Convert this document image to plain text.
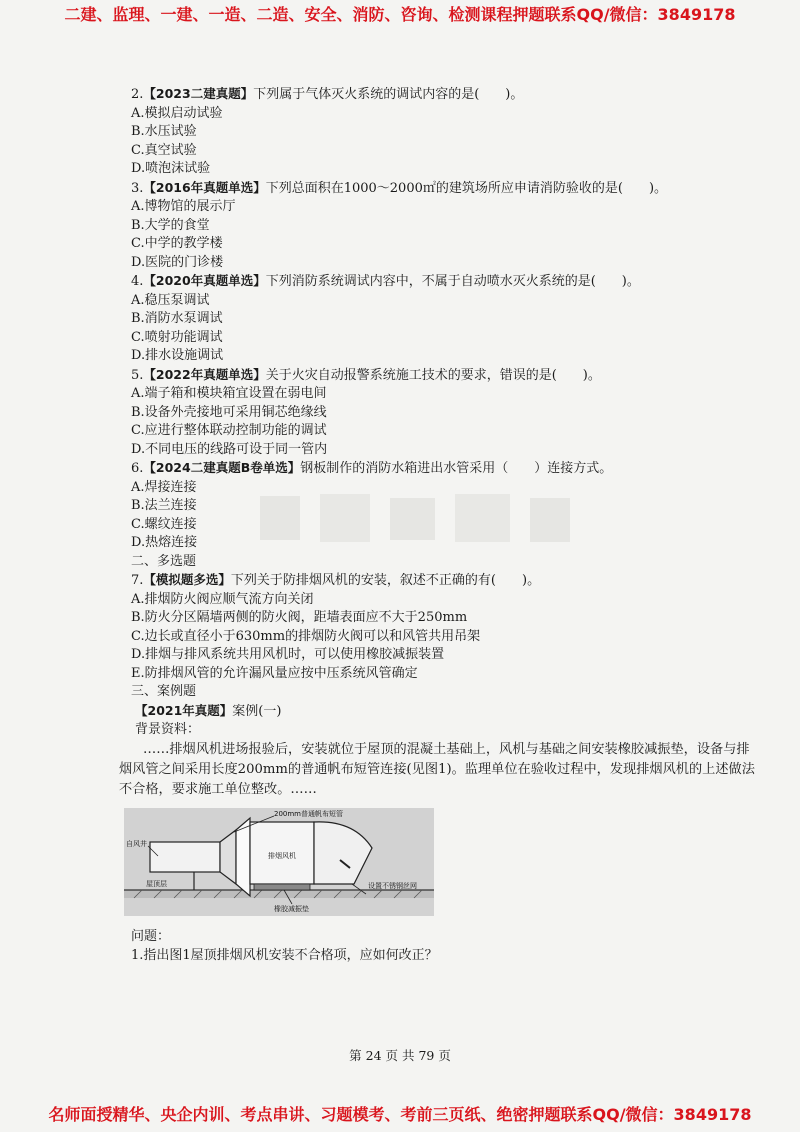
二建、监理、一建、一造、二造、安全、消防、咨询、检测课程押题联系QQ/微信：3849178
2.【2023二建真题】下列属于气体灭火系统的调试内容的是(　　)。
A.模拟启动试验
B.水压试验
C.真空试验
D.喷泡沫试验
3.【2016年真题单选】下列总面积在1000～2000㎡的建筑场所应申请消防验收的是(　　)。
A.博物馆的展示厅
B.大学的食堂
C.中学的教学楼
D.医院的门诊楼
4.【2020年真题单选】下列消防系统调试内容中，不属于自动喷水灭火系统的是(　　)。
A.稳压泵调试
B.消防水泵调试
C.喷射功能调试
D.排水设施调试
5.【2022年真题单选】关于火灾自动报警系统施工技术的要求，错误的是(　　)。
A.端子箱和模块箱宜设置在弱电间
B.设备外壳接地可采用铜芯绝缘线
C.应进行整体联动控制功能的调试
D.不同电压的线路可设于同一管内
6.【2024二建真题B卷单选】钢板制作的消防水箱进出水管采用（　　）连接方式。
A.焊接连接
B.法兰连接
C.螺纹连接
D.热熔连接
二、多选题
7.【模拟题多选】下列关于防排烟风机的安装，叙述不正确的有(　　)。
A.排烟防火阀应顺气流方向关闭
B.防火分区隔墙两侧的防火阀，距墙表面应不大于250mm
C.边长或直径小于630mm的排烟防火阀可以和风管共用吊架
D.排烟与排风系统共用风机时，可以使用橡胶减振装置
E.防排烟风管的允许漏风量应按中压系统风管确定
三、案例题
【2021年真题】案例(一)
背景资料：
……排烟风机进场报验后，安装就位于屋顶的混凝土基础上，风机与基础之间安装橡胶减振垫，设备与排烟风管之间采用长度200mm的普通帆布短管连接(见图1)。监理单位在验收过程中，发现排烟风机的上述做法不合格，要求施工单位整改。……
200mm普通帆布短管
自风井
排烟风机
屋顶层	设置不锈钢丝网
橡胶减振垫
问题：
1.指出图1屋顶排烟风机安装不合格项，应如何改正？
第 24 页 共 79 页
名师面授精华、央企内训、考点串讲、习题模考、考前三页纸、绝密押题联系QQ/微信：3849178
